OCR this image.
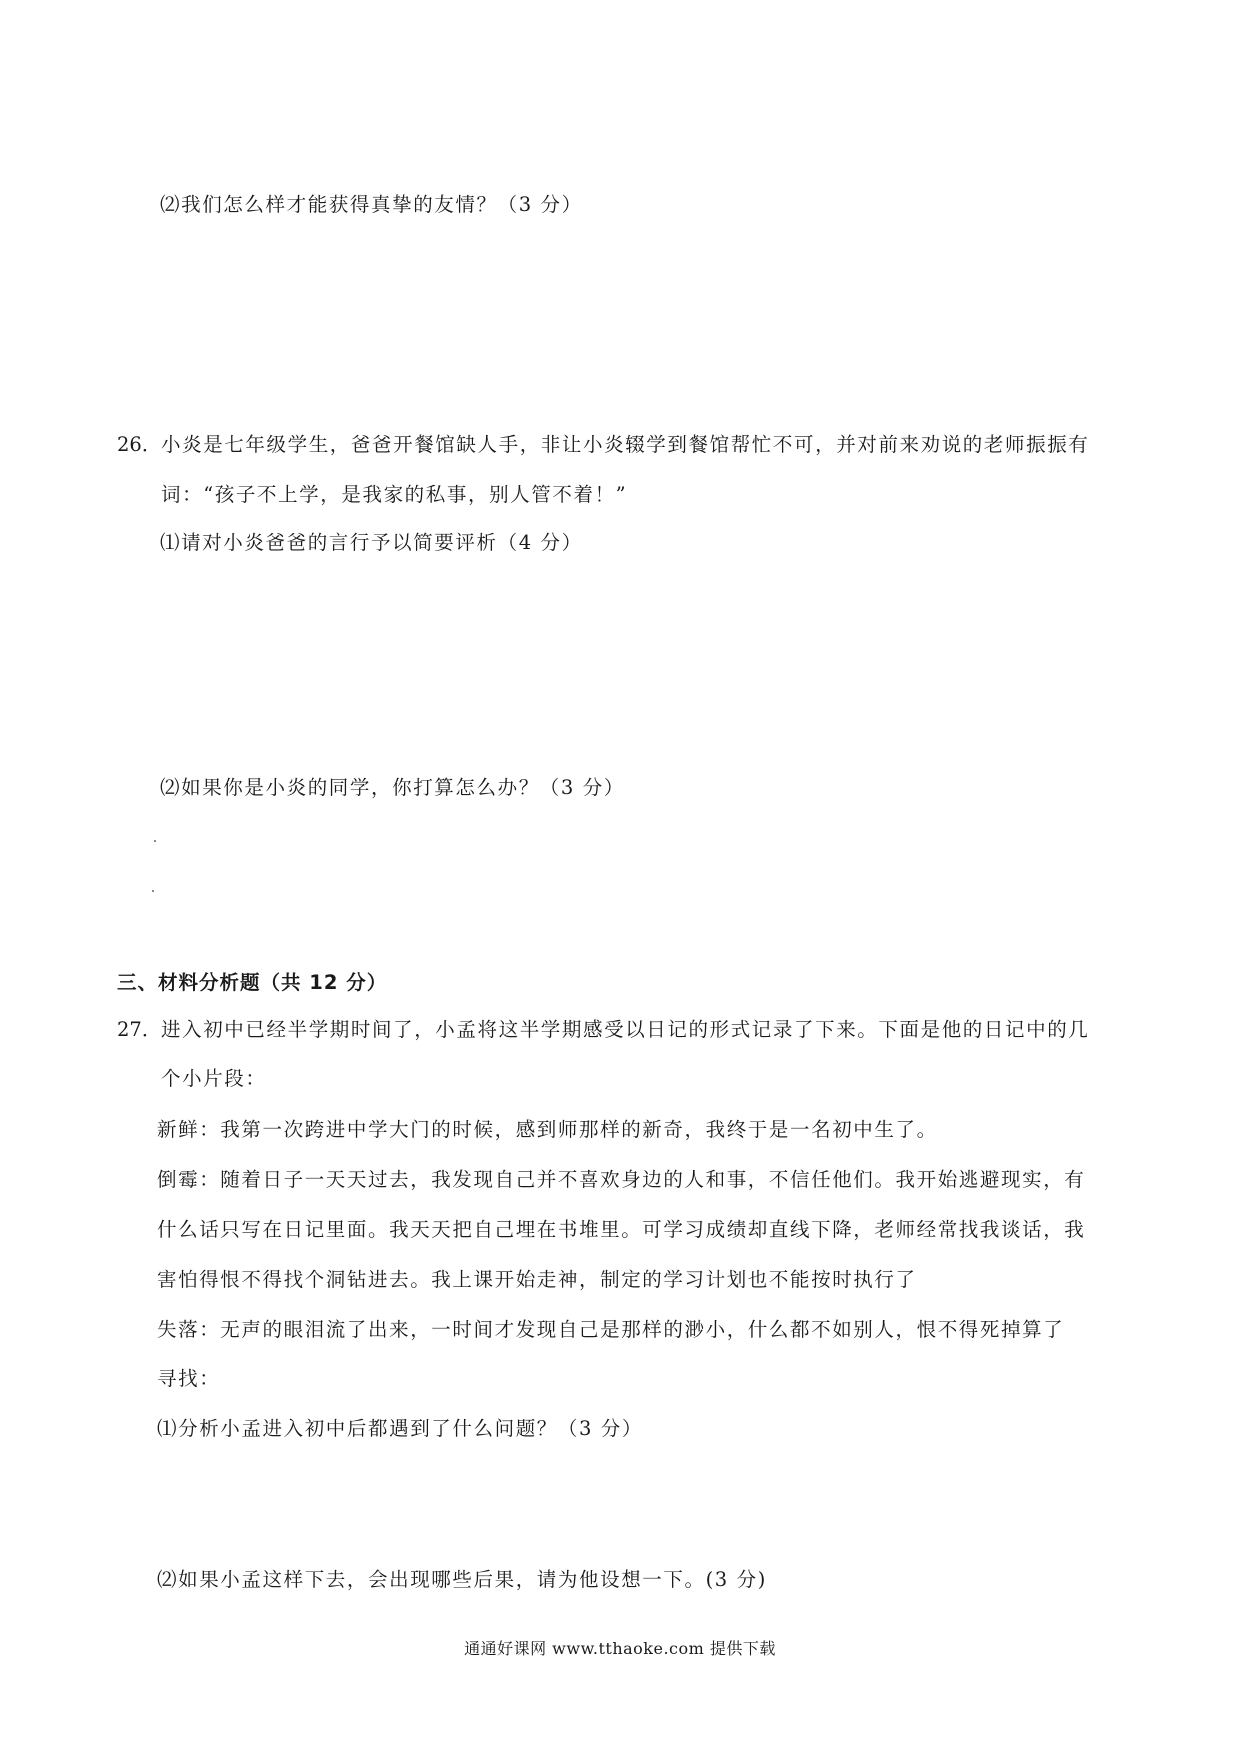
⑵我们怎么样才能获得真挚的友情？（3 分）
26．小炎是七年级学生，爸爸开餐馆缺人手，非让小炎辍学到餐馆帮忙不可，并对前来劝说的老师振振有
词：“孩子不上学，是我家的私事，别人管不着！”
⑴请对小炎爸爸的言行予以简要评析（4 分）
⑵如果你是小炎的同学，你打算怎么办？（3 分）
三、材料分析题（共 12 分）
27．进入初中已经半学期时间了，小孟将这半学期感受以日记的形式记录了下来。下面是他的日记中的几
个小片段：
新鲜：我第一次跨进中学大门的时候，感到师那样的新奇，我终于是一名初中生了。
倒霉：随着日子一天天过去，我发现自己并不喜欢身边的人和事，不信任他们。我开始逃避现实，有
什么话只写在日记里面。我天天把自己埋在书堆里。可学习成绩却直线下降，老师经常找我谈话，我
害怕得恨不得找个洞钻进去。我上课开始走神，制定的学习计划也不能按时执行了
失落：无声的眼泪流了出来，一时间才发现自己是那样的渺小，什么都不如别人，恨不得死掉算了
寻找：
⑴分析小孟进入初中后都遇到了什么问题？（3 分）
⑵如果小孟这样下去，会出现哪些后果，请为他设想一下。(3 分)
通通好课网 www.tthaoke.com 提供下载
